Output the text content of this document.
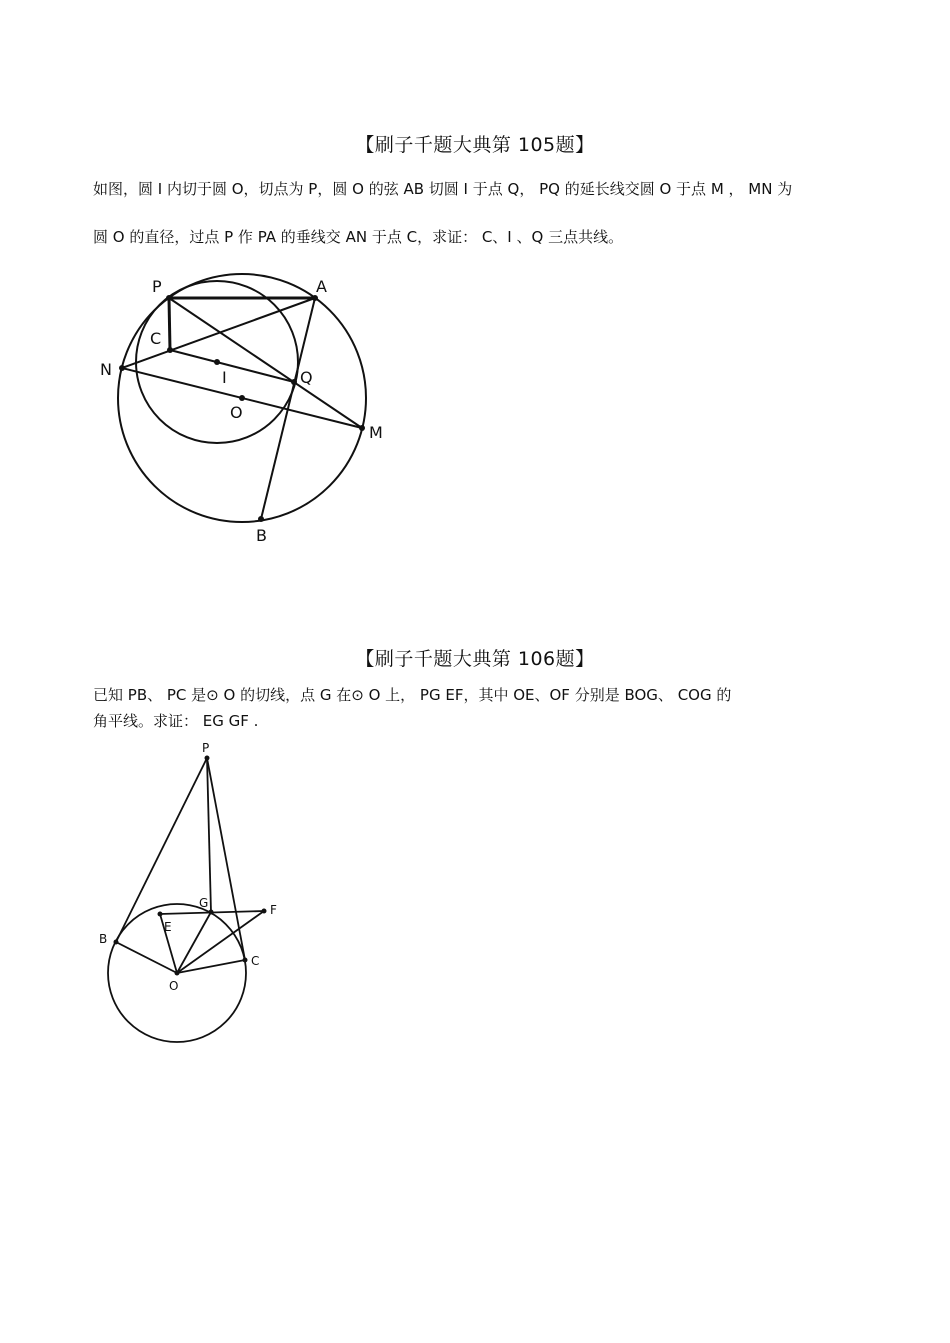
【刷子千题大典第 105题】
如图，圆 I 内切于圆 O，切点为 P，圆 O 的弦 AB 切圆 I 于点 Q， PQ 的延长线交圆 O 于点 M ， MN 为
圆 O 的直径，过点 P 作 PA 的垂线交 AN 于点 C，求证： C、I 、Q 三点共线。
P	A
C
N	I	Q
O
M
B
P
G	F
E
B
C
O
【刷子千题大典第 106题】
已知 PB、 PC 是⊙ O 的切线，点 G 在⊙ O 上， PG EF，其中 OE、OF 分别是 BOG、 COG 的
角平线。求证： EG GF .
